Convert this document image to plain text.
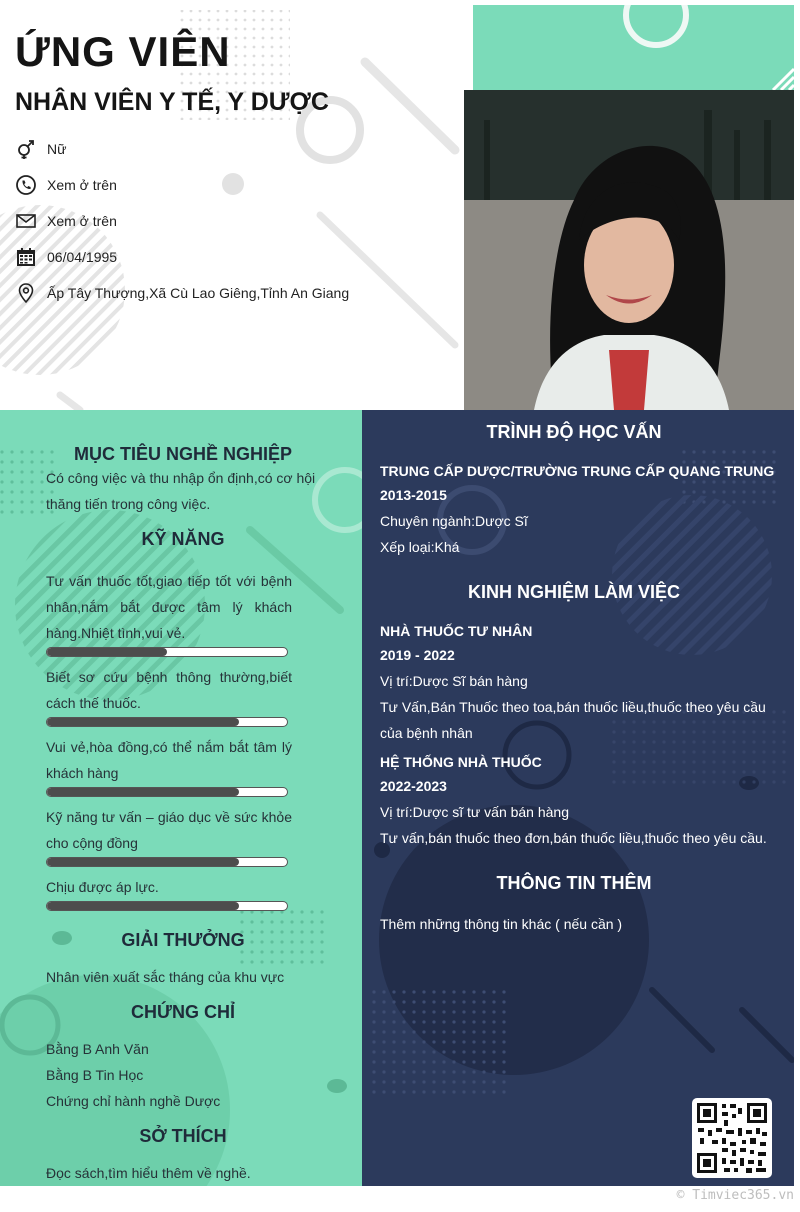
ỨNG VIÊN
NHÂN VIÊN Y TẾ, Y DƯỢC
Nữ
Xem ở trên
Xem ở trên
06/04/1995
Ấp Tây Thượng,Xã Cù Lao Giêng,Tỉnh An Giang
MỤC TIÊU NGHỀ NGHIỆP
Có công việc và thu nhập ổn định,có cơ hội thăng tiến trong công việc.
KỸ NĂNG
Tư vấn thuốc tốt,giao tiếp tốt với bệnh nhân,nắm bắt được tâm lý khách hàng.Nhiệt tình,vui vẻ.
Biết sơ cứu bệnh thông thường,biết cách thế thuốc.
Vui vẻ,hòa đồng,có thể nắm bắt tâm lý khách hàng
Kỹ năng tư vấn – giáo dục về sức khỏe cho cộng đồng
Chịu được áp lực.
GIẢI THƯỞNG
Nhân viên xuất sắc tháng của khu vực
CHỨNG CHỈ
Bằng B Anh Văn
Bằng B Tin Học
Chứng chỉ hành nghề Dược
SỞ THÍCH
Đọc sách,tìm hiểu thêm về nghề.
TRÌNH ĐỘ HỌC VẤN
TRUNG CẤP DƯỢC/TRƯỜNG TRUNG CẤP QUANG TRUNG
2013-2015
Chuyên ngành:Dược Sĩ
Xếp loại:Khá
KINH NGHIỆM LÀM VIỆC
NHÀ THUỐC TƯ NHÂN
2019 - 2022
Vị trí:Dược Sĩ bán hàng
Tư Vấn,Bán Thuốc theo toa,bán thuốc liều,thuốc theo yêu cầu của bệnh nhân
HỆ THỐNG NHÀ THUỐC
2022-2023
Vị trí:Dược sĩ tư vấn bán hàng
Tư vấn,bán thuốc theo đơn,bán thuốc liều,thuốc theo yêu cầu.
THÔNG TIN THÊM
Thêm những thông tin khác ( nếu cần )
© Timviec365.vn
